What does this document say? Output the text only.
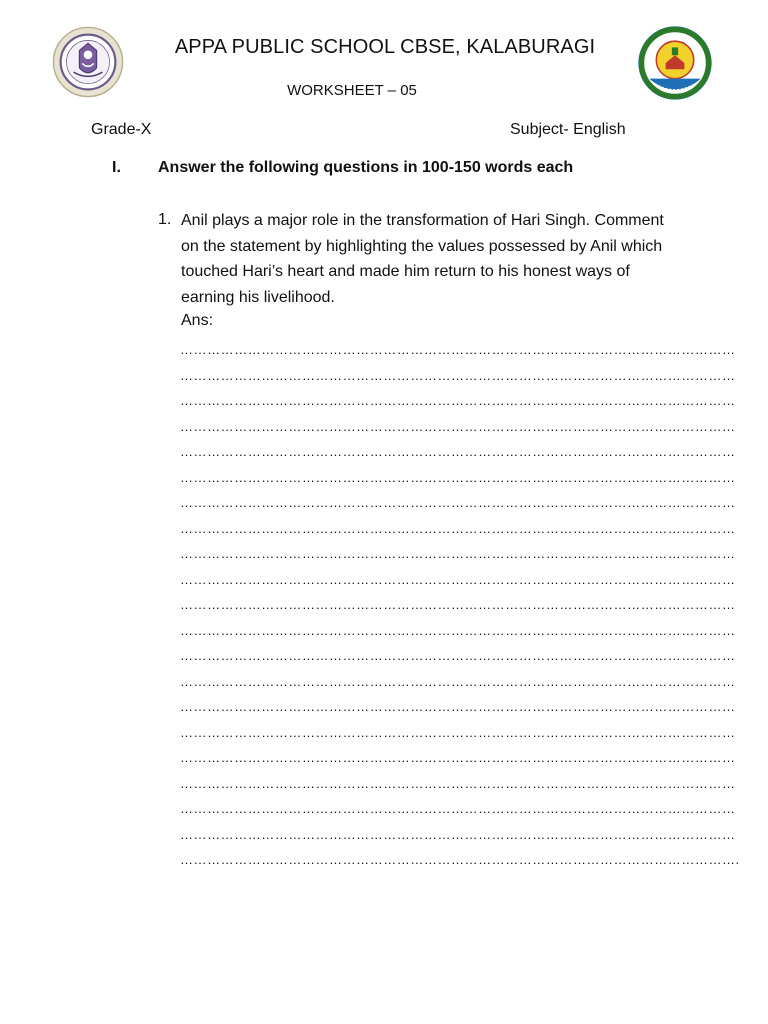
APPA PUBLIC SCHOOL CBSE, KALABURAGI
WORKSHEET – 05
Grade-X	Subject- English
I. Answer the following questions in 100-150 words each
1. Anil plays a major role in the transformation of Hari Singh. Comment on the statement by highlighting the values possessed by Anil which touched Hari’s heart and made him return to his honest ways of earning his livelihood.
Ans:
……………………………………………………………………………………………………………
……………………………………………………………………………………………………………
……………………………………………………………………………………………………………
……………………………………………………………………………………………………………
……………………………………………………………………………………………………………
……………………………………………………………………………………………………………
……………………………………………………………………………………………………………
……………………………………………………………………………………………………………
……………………………………………………………………………………………………………
……………………………………………………………………………………………………………
……………………………………………………………………………………………………………
……………………………………………………………………………………………………………
……………………………………………………………………………………………………………
……………………………………………………………………………………………………………
……………………………………………………………………………………………………………
……………………………………………………………………………………………………………
……………………………………………………………………………………………………………
……………………………………………………………………………………………………………
……………………………………………………………………………………………………………
……………………………………………………………………………………………………………
…………………………………………………………………………………………………………….
